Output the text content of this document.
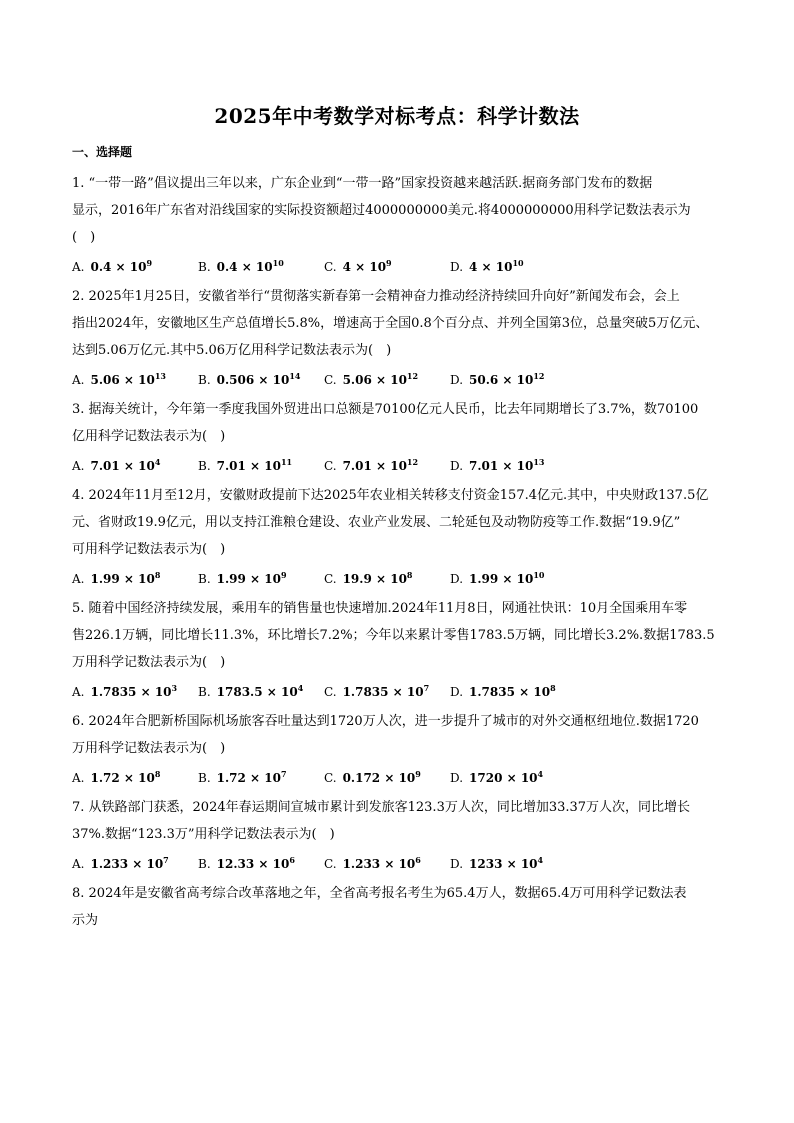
2025年中考数学对标考点：科学计数法
一、选择题

1. “一带一路”倡议提出三年以来，广东企业到“一带一路”国家投资越来越活跃.据商务部门发布的数据

显示，2016年广东省对沿线国家的实际投资额超过4000000000美元.将4000000000用科学记数法表示为

(　)

A. $0.4 \times 10^9$	B. $0.4 \times 10^{10}$	C. $4 \times 10^9$	D. $4 \times 10^{10}$

2. 2025年1月25日，安徽省举行“贯彻落实新春第一会精神奋力推动经济持续回升向好”新闻发布会，会上

指出2024年，安徽地区生产总值增长5.8%，增速高于全国0.8个百分点、并列全国第3位，总量突破5万亿元、

达到5.06万亿元.其中5.06万亿用科学记数法表示为(　)

A. $5.06 \times 10^{13}$	B. $0.506 \times 10^{14}$	C. $5.06 \times 10^{12}$	D. $50.6 \times 10^{12}$

3. 据海关统计，今年第一季度我国外贸进出口总额是70100亿元人民币，比去年同期增长了3.7%，数70100

亿用科学记数法表示为(　)

A. $7.01 \times 10^4$	B. $7.01 \times 10^{11}$	C. $7.01 \times 10^{12}$	D. $7.01 \times 10^{13}$

4. 2024年11月至12月，安徽财政提前下达2025年农业相关转移支付资金157.4亿元.其中，中央财政137.5亿

元、省财政19.9亿元，用以支持江淮粮仓建设、农业产业发展、二轮延包及动物防疫等工作.数据“19.9亿”

可用科学记数法表示为(　)

A. $1.99 \times 10^8$	B. $1.99 \times 10^9$	C. $19.9 \times 10^8$	D. $1.99 \times 10^{10}$

5. 随着中国经济持续发展，乘用车的销售量也快速增加.2024年11月8日，网通社快讯：10月全国乘用车零

售226.1万辆，同比增长11.3%，环比增长7.2%；今年以来累计零售1783.5万辆，同比增长3.2%.数据1783.5

万用科学记数法表示为(　)

A. $1.7835 \times 10^3$	B. $1783.5 \times 10^4$	C. $1.7835 \times 10^7$	D. $1.7835 \times 10^8$

6. 2024年合肥新桥国际机场旅客吞吐量达到1720万人次，进一步提升了城市的对外交通枢纽地位.数据1720

万用科学记数法表示为(　)

A. $1.72 \times 10^8$	B. $1.72 \times 10^7$	C. $0.172 \times 10^9$	D. $1720 \times 10^4$

7. 从铁路部门获悉，2024年春运期间宣城市累计到发旅客123.3万人次，同比增加33.37万人次，同比增长

37%.数据“123.3万”用科学记数法表示为(　)

A. $1.233 \times 10^7$	B. $12.33 \times 10^6$	C. $1.233 \times 10^6$	D. $1233 \times 10^4$

8. 2024年是安徽省高考综合改革落地之年，全省高考报名考生为65.4万人，数据65.4万可用科学记数法表

示为
